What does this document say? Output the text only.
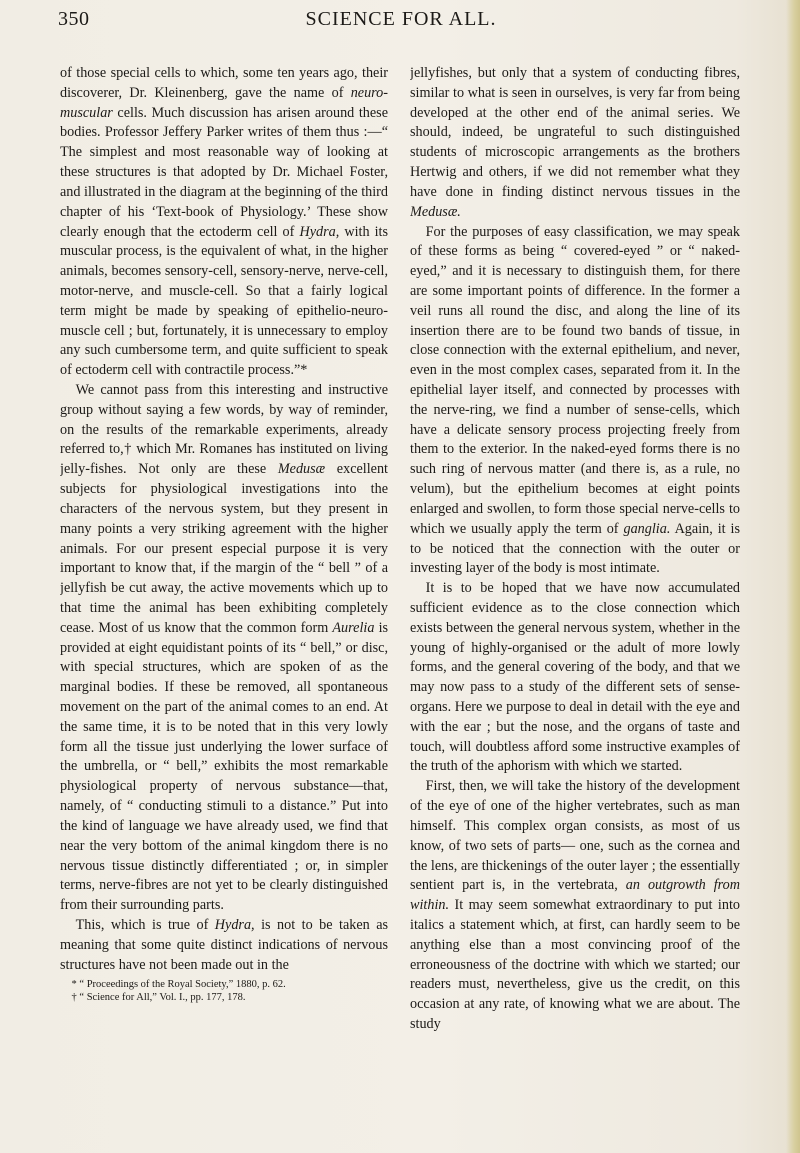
350	SCIENCE FOR ALL.

of those special cells to which, some ten years ago, their discoverer, Dr. Kleinenberg, gave the name of neuro-muscular cells. Much discussion has arisen around these bodies. Professor Jeffery Parker writes of them thus :—“ The simplest and most reasonable way of looking at these structures is that adopted by Dr. Michael Foster, and illustrated in the diagram at the beginning of the third chapter of his ‘Text-book of Physiology.’ These show clearly enough that the ectoderm cell of Hydra, with its muscular process, is the equivalent of what, in the higher animals, becomes sensory-cell, sensory-nerve, nerve-cell, motor-nerve, and muscle-cell. So that a fairly logical term might be made by speaking of epithelio-neuro-muscle cell ; but, fortunately, it is unnecessary to employ any such cumbersome term, and quite sufficient to speak of ectoderm cell with contractile process.”*

We cannot pass from this interesting and instructive group without saying a few words, by way of reminder, on the results of the remarkable experiments, already referred to,† which Mr. Romanes has instituted on living jelly-fishes. Not only are these Medusæ excellent subjects for physiological investigations into the characters of the nervous system, but they present in many points a very striking agreement with the higher animals. For our present especial purpose it is very important to know that, if the margin of the “ bell ” of a jellyfish be cut away, the active movements which up to that time the animal has been exhibiting completely cease. Most of us know that the common form Aurelia is provided at eight equidistant points of its “ bell,” or disc, with special structures, which are spoken of as the marginal bodies. If these be removed, all spontaneous movement on the part of the animal comes to an end. At the same time, it is to be noted that in this very lowly form all the tissue just underlying the lower surface of the umbrella, or “ bell,” exhibits the most remarkable physiological property of nervous substance—that, namely, of “ conducting stimuli to a distance.” Put into the kind of language we have already used, we find that near the very bottom of the animal kingdom there is no nervous tissue distinctly differentiated ; or, in simpler terms, nerve-fibres are not yet to be clearly distinguished from their surrounding parts.

This, which is true of Hydra, is not to be taken as meaning that some quite distinct indications of nervous structures have not been made out in the

* “ Proceedings of the Royal Society,” 1880, p. 62.
† “ Science for All,” Vol. I., pp. 177, 178.

jellyfishes, but only that a system of conducting fibres, similar to what is seen in ourselves, is very far from being developed at the other end of the animal series. We should, indeed, be ungrateful to such distinguished students of microscopic arrangements as the brothers Hertwig and others, if we did not remember what they have done in finding distinct nervous tissues in the Medusæ.

For the purposes of easy classification, we may speak of these forms as being “ covered-eyed ” or “ naked-eyed,” and it is necessary to distinguish them, for there are some important points of difference. In the former a veil runs all round the disc, and along the line of its insertion there are to be found two bands of tissue, in close connection with the external epithelium, and never, even in the most complex cases, separated from it. In the epithelial layer itself, and connected by processes with the nerve-ring, we find a number of sense-cells, which have a delicate sensory process projecting freely from them to the exterior. In the naked-eyed forms there is no such ring of nervous matter (and there is, as a rule, no velum), but the epithelium becomes at eight points enlarged and swollen, to form those special nerve-cells to which we usually apply the term of ganglia. Again, it is to be noticed that the connection with the outer or investing layer of the body is most intimate.

It is to be hoped that we have now accumulated sufficient evidence as to the close connection which exists between the general nervous system, whether in the young of highly-organised or the adult of more lowly forms, and the general covering of the body, and that we may now pass to a study of the different sets of sense-organs. Here we purpose to deal in detail with the eye and with the ear ; but the nose, and the organs of taste and touch, will doubtless afford some instructive examples of the truth of the aphorism with which we started.

First, then, we will take the history of the development of the eye of one of the higher vertebrates, such as man himself. This complex organ consists, as most of us know, of two sets of parts— one, such as the cornea and the lens, are thickenings of the outer layer ; the essentially sentient part is, in the vertebrata, an outgrowth from within. It may seem somewhat extraordinary to put into italics a statement which, at first, can hardly seem to be anything else than a most convincing proof of the erroneousness of the doctrine with which we started; our readers must, nevertheless, give us the credit, on this occasion at any rate, of knowing what we are about. The study
